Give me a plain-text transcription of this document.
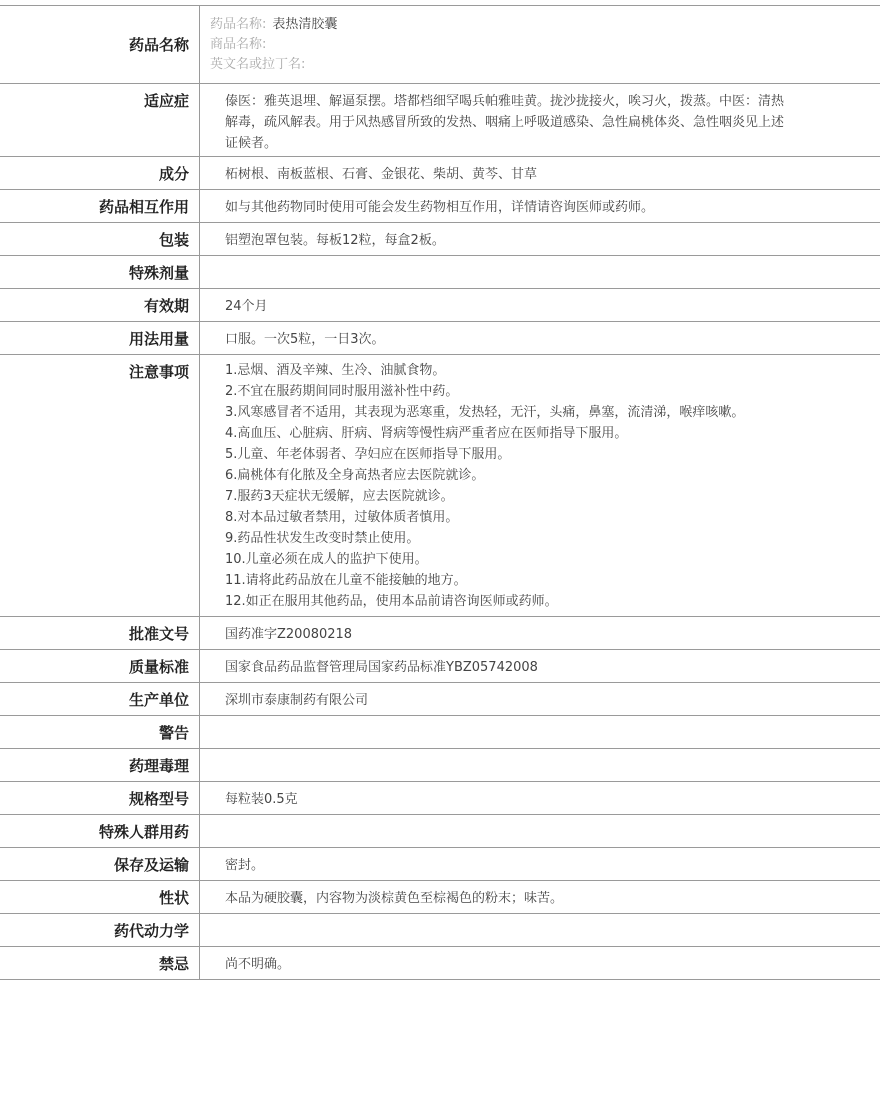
药品名称
药品名称: 表热清胶囊
商品名称:
英文名或拉丁名:
适应症	傣医：雅英退埋、解逼泵摆。塔都档细罕喝兵帕雅哇黄。拢沙拢接火，唉习火，拨蒸。中医：清热解毒，疏风解表。用于风热感冒所致的发热、咽痛上呼吸道感染、急性扁桃体炎、急性咽炎见上述证候者。
成分	柘树根、南板蓝根、石膏、金银花、柴胡、黄芩、甘草
药品相互作用	如与其他药物同时使用可能会发生药物相互作用，详情请咨询医师或药师。
包装	铝塑泡罩包装。每板12粒，每盒2板。
特殊剂量
有效期	24个月
用法用量	口服。一次5粒，一日3次。
注意事项	1.忌烟、酒及辛辣、生冷、油腻食物。
2.不宜在服药期间同时服用滋补性中药。
3.风寒感冒者不适用，其表现为恶寒重，发热轻，无汗，头痛，鼻塞，流清涕，喉痒咳嗽。
4.高血压、心脏病、肝病、肾病等慢性病严重者应在医师指导下服用。
5.儿童、年老体弱者、孕妇应在医师指导下服用。
6.扁桃体有化脓及全身高热者应去医院就诊。
7.服药3天症状无缓解，应去医院就诊。
8.对本品过敏者禁用，过敏体质者慎用。
9.药品性状发生改变时禁止使用。
10.儿童必须在成人的监护下使用。
11.请将此药品放在儿童不能接触的地方。
12.如正在服用其他药品，使用本品前请咨询医师或药师。
批准文号	国药准字Z20080218
质量标准	国家食品药品监督管理局国家药品标准YBZ05742008
生产单位	深圳市泰康制药有限公司
警告
药理毒理
规格型号	每粒装0.5克
特殊人群用药
保存及运输	密封。
性状	本品为硬胶囊，内容物为淡棕黄色至棕褐色的粉末；味苦。
药代动力学
禁忌	尚不明确。
